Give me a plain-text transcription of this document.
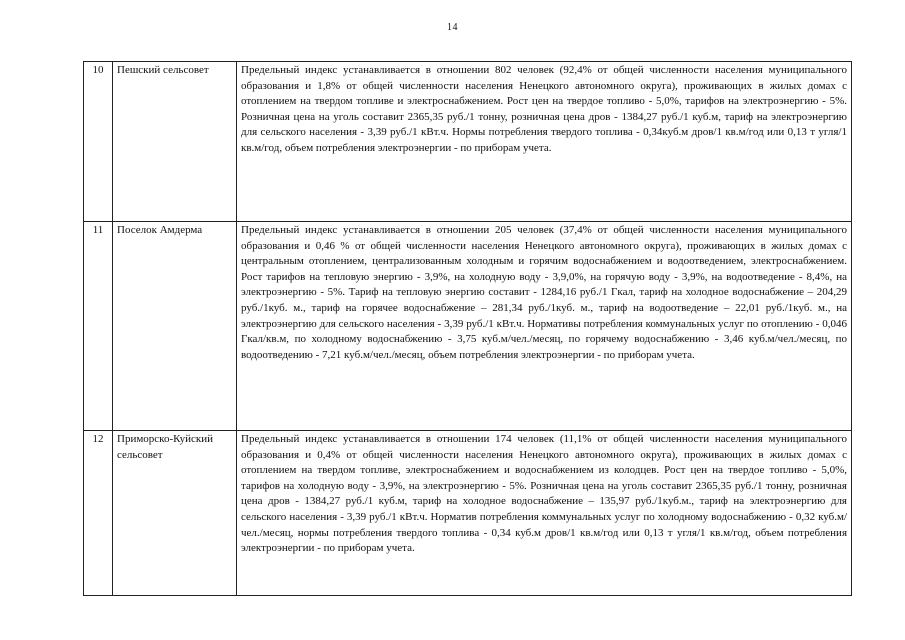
14
10	Пешский сельсовет	Предельный индекс устанавливается в отношении 802 человек (92,4% от общей численности населения муниципального образования и 1,8% от общей численности населения Ненецкого автономного округа), проживающих в жилых домах с отоплением на твердом топливе и электроснабжением. Рост цен на твердое топливо - 5,0%, тарифов на электроэнергию - 5%. Розничная цена на уголь составит 2365,35 руб./1 тонну, розничная цена дров - 1384,27 руб./1 куб.м, тариф на электроэнергию для сельского населения - 3,39 руб./1 кВт.ч. Нормы потребления твердого топлива - 0,34куб.м дров/1 кв.м/год или 0,13 т угля/1 кв.м/год, объем потребления электроэнергии - по приборам учета.
11	Поселок Амдерма	Предельный индекс устанавливается в отношении 205 человек (37,4% от общей численности населения муниципального образования и 0,46 % от общей численности населения Ненецкого автономного округа), проживающих в жилых домах с центральным отоплением, централизованным холодным и горячим водоснабжением и водоотведением, электроснабжением. Рост тарифов на тепловую энергию - 3,9%, на холодную воду - 3,9,0%, на горячую воду - 3,9%, на водоотведение - 8,4%, на электроэнергию - 5%. Тариф на тепловую энергию составит - 1284,16 руб./1 Гкал, тариф на холодное водоснабжение – 204,29 руб./1куб. м., тариф на горячее водоснабжение – 281,34 руб./1куб. м., тариф на водоотведение – 22,01 руб./1куб. м., на электроэнергию для сельского населения - 3,39 руб./1 кВт.ч. Нормативы потребления коммунальных услуг по отоплению - 0,046 Гкал/кв.м, по холодному водоснабжению - 3,75 куб.м/чел./месяц, по горячему водоснабжению - 3,46 куб.м/чел./месяц, по водоотведению - 7,21 куб.м/чел./месяц, объем потребления электроэнергии - по приборам учета.
12	Приморско-Куйский сельсовет	Предельный индекс устанавливается в отношении 174 человек (11,1% от общей численности населения муниципального образования и 0,4% от общей численности населения Ненецкого автономного округа), проживающих в жилых домах с отоплением на твердом топливе, электроснабжением и водоснабжением из колодцев. Рост цен на твердое топливо - 5,0%, тарифов на холодную воду - 3,9%, на электроэнергию - 5%. Розничная цена на уголь составит 2365,35 руб./1 тонну, розничная цена дров - 1384,27 руб./1 куб.м, тариф на холодное водоснабжение – 135,97 руб./1куб.м., тариф на электроэнергию для сельского населения - 3,39 руб./1 кВт.ч. Норматив потребления коммунальных услуг по холодному водоснабжению - 0,32 куб.м/чел./месяц, нормы потребления твердого топлива - 0,34 куб.м дров/1 кв.м/год или 0,13 т угля/1 кв.м/год, объем потребления электроэнергии - по приборам учета.
